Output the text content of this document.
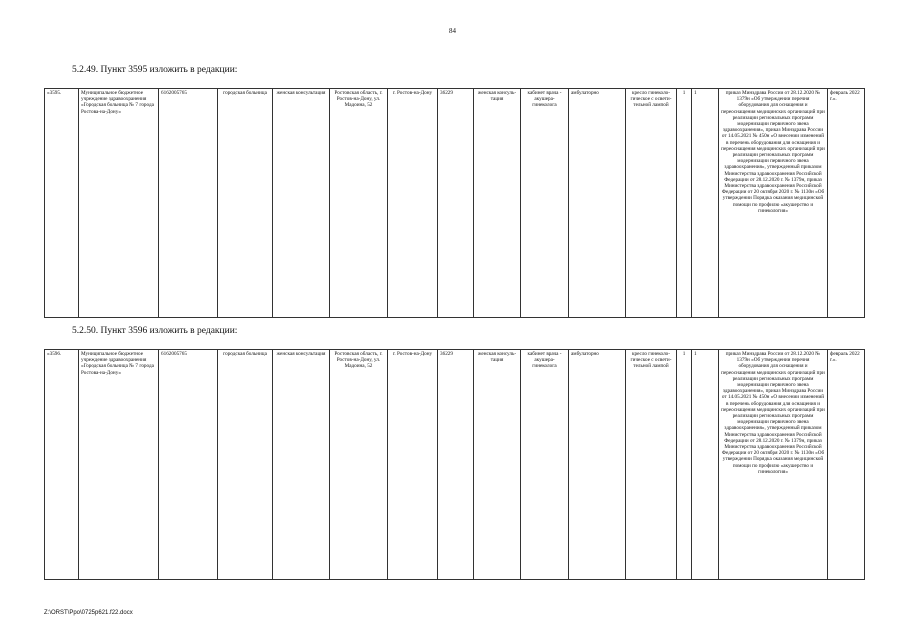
84
5.2.49. Пункт 3595 изложить в редакции:
«3595.	Муниципальное бюджетное учреждение здравоохранения «Городская больница № 7 города Ростова-на-Дону»	6162005765	городская больница	женская консультация	Ростовская область, г. Ростов-на-Дону, ул. Мадоина, 52	г. Ростов-на-Дону	36229	женская консуль-тация	кабинет врача - акушера-гинеколога	амбулаторно	кресло гинеколо-гическое с освети-тельной лампой	1	1	приказ Минздрава России от 28.12.2020 № 1379н «Об утверждении перечня оборудования для оснащения и переоснащения медицинских организаций при реализации региональных программ модернизации первичного звена здравоохранения», приказ Минздрава России от 14.05.2021 № 450н «О внесении изменений в перечень оборудования для оснащения и переоснащения медицинских организаций при реализации региональных программ модернизации первичного звена здравоохранения», утвержденный приказом Министерства здравоохранения Российской Федерации от 28.12.2020 г. № 1379н, приказ Министерства здравоохранения Российской Федерации от 20 октября 2020 г. № 1130н «Об утверждении Порядка оказания медицинской помощи по профилю «акушерство и гинекология»	февраль 2022 г.».
5.2.50. Пункт 3596 изложить в редакции:
«3596.	Муниципальное бюджетное учреждение здравоохранения «Городская больница № 7 города Ростова-на-Дону»	6162005765	городская больница	женская консультация	Ростовская область, г. Ростов-на-Дону, ул. Мадоина, 52	г. Ростов-на-Дону	36229	женская консуль-тация	кабинет врача - акушера-гинеколога	амбулаторно	кресло гинеколо-гическое с освети-тельной лампой	1	1	приказ Минздрава России от 28.12.2020 № 1379н «Об утверждении перечня оборудования для оснащения и переоснащения медицинских организаций при реализации региональных программ модернизации первичного звена здравоохранения», приказ Минздрава России от 14.05.2021 № 450н «О внесении изменений в перечень оборудования для оснащения и переоснащения медицинских организаций при реализации региональных программ модернизации первичного звена здравоохранения», утвержденный приказом Министерства здравоохранения Российской Федерации от 28.12.2020 г. № 1379н, приказ Министерства здравоохранения Российской Федерации от 20 октября 2020 г. № 1130н «Об утверждении Порядка оказания медицинской помощи по профилю «акушерство и гинекология»	февраль 2022 г.».
Z:\ORST\Ppo\0725p621.f22.docx
